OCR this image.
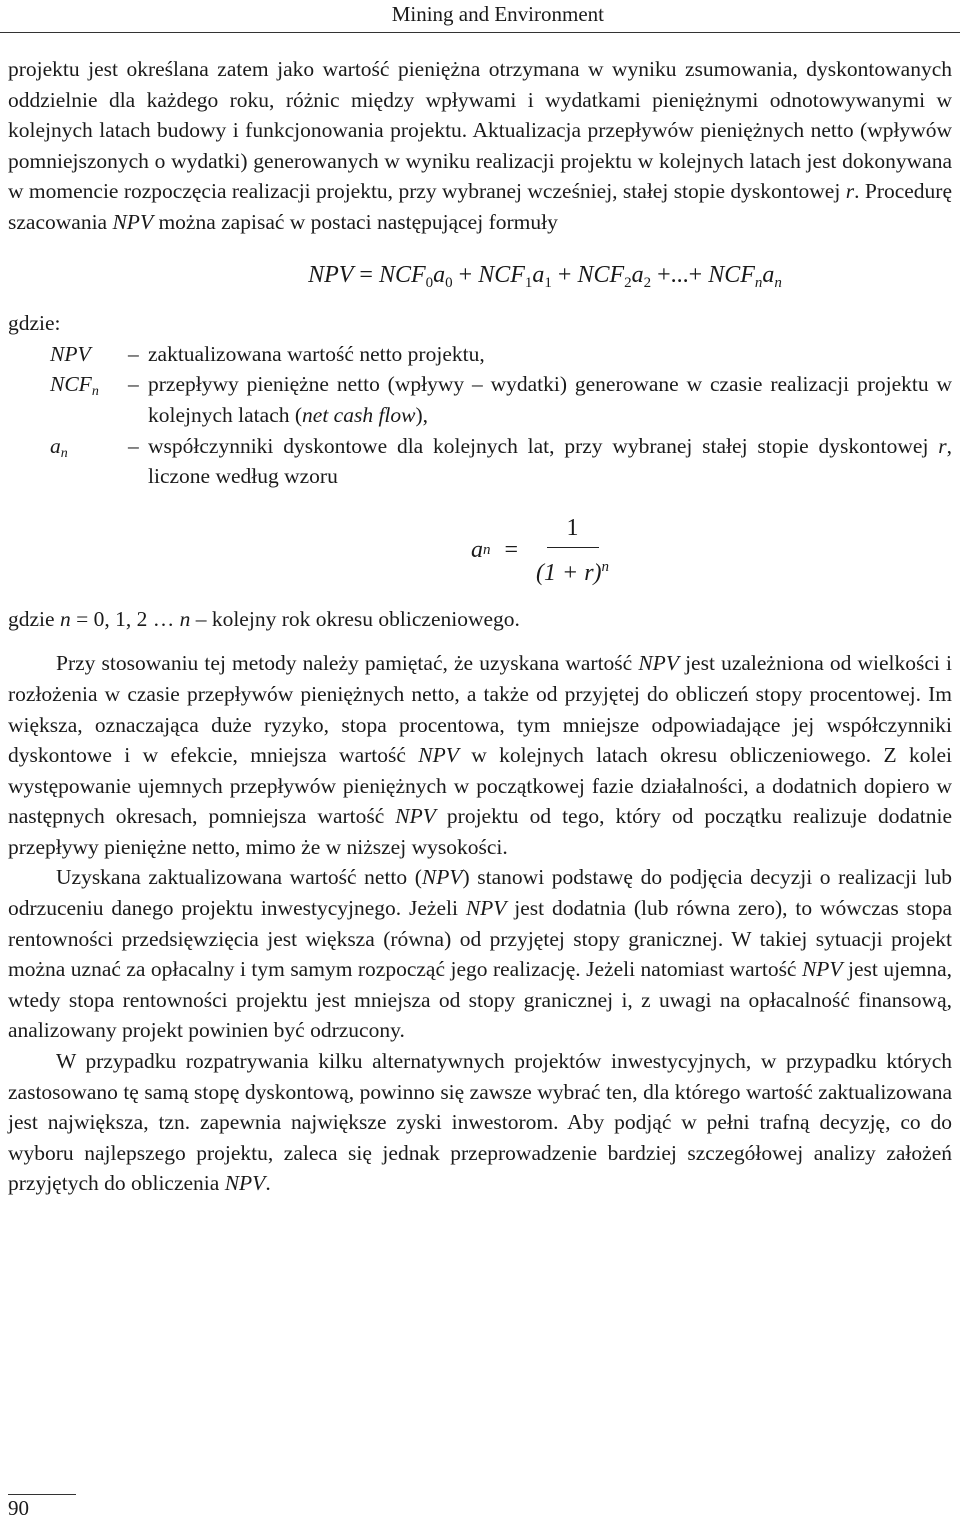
Mining and Environment

projektu jest określana zatem jako wartość pieniężna otrzymana w wyniku zsumowania, dyskontowanych oddzielnie dla każdego roku, różnic między wpływami i wydatkami pieniężnymi odnotowywanymi w kolejnych latach budowy i funkcjonowania projektu. Aktualizacja przepływów pieniężnych netto (wpływów pomniejszonych o wydatki) generowanych w wyniku realizacji projektu w kolejnych latach jest dokonywana w momencie rozpoczęcia realizacji projektu, przy wybranej wcześniej, stałej stopie dyskontowej r. Procedurę szacowania NPV można zapisać w postaci następującej formuły

NPV = $NCF_0a_0 + NCF_1a_1 + NCF_2a_2$ +...+ $NCF_na_n$

gdzie:

NPV	– zaktualizowana wartość netto projektu,
NCFn	– przepływy pieniężne netto (wpływy – wydatki) generowane w czasie realizacji projektu w kolejnych latach (net cash flow),
an	– współczynniki dyskontowe dla kolejnych lat, przy wybranej stałej stopie dyskontowej r, liczone według wzoru
a $n = \frac{1}{(1 + r)^n}$

gdzie n = 0, 1, 2 … n – kolejny rok okresu obliczeniowego.

Przy stosowaniu tej metody należy pamiętać, że uzyskana wartość NPV jest uzależniona od wielkości i rozłożenia w czasie przepływów pieniężnych netto, a także od przyjętej do obliczeń stopy procentowej. Im większa, oznaczająca duże ryzyko, stopa procentowa, tym mniejsze odpowiadające jej współczynniki dyskontowe i w efekcie, mniejsza wartość NPV w kolejnych latach okresu obliczeniowego. Z kolei występowanie ujemnych przepływów pieniężnych w początkowej fazie działalności, a dodatnich dopiero w następnych okresach, pomniejsza wartość NPV projektu od tego, który od początku realizuje dodatnie przepływy pieniężne netto, mimo że w niższej wysokości.

Uzyskana zaktualizowana wartość netto (NPV) stanowi podstawę do podjęcia decyzji o realizacji lub odrzuceniu danego projektu inwestycyjnego. Jeżeli NPV jest dodatnia (lub równa zero), to wówczas stopa rentowności przedsięwzięcia jest większa (równa) od przyjętej stopy granicznej. W takiej sytuacji projekt można uznać za opłacalny i tym samym rozpocząć jego realizację. Jeżeli natomiast wartość NPV jest ujemna, wtedy stopa rentowności projektu jest mniejsza od stopy granicznej i, z uwagi na opłacalność finansową, analizowany projekt powinien być odrzucony.

W przypadku rozpatrywania kilku alternatywnych projektów inwestycyjnych, w przypadku których zastosowano tę samą stopę dyskontową, powinno się zawsze wybrać ten, dla którego wartość zaktualizowana jest największa, tzn. zapewnia największe zyski inwestorom. Aby podjąć w pełni trafną decyzję, co do wyboru najlepszego projektu, zaleca się jednak przeprowadzenie bardziej szczegółowej analizy założeń przyjętych do obliczenia NPV.

90
